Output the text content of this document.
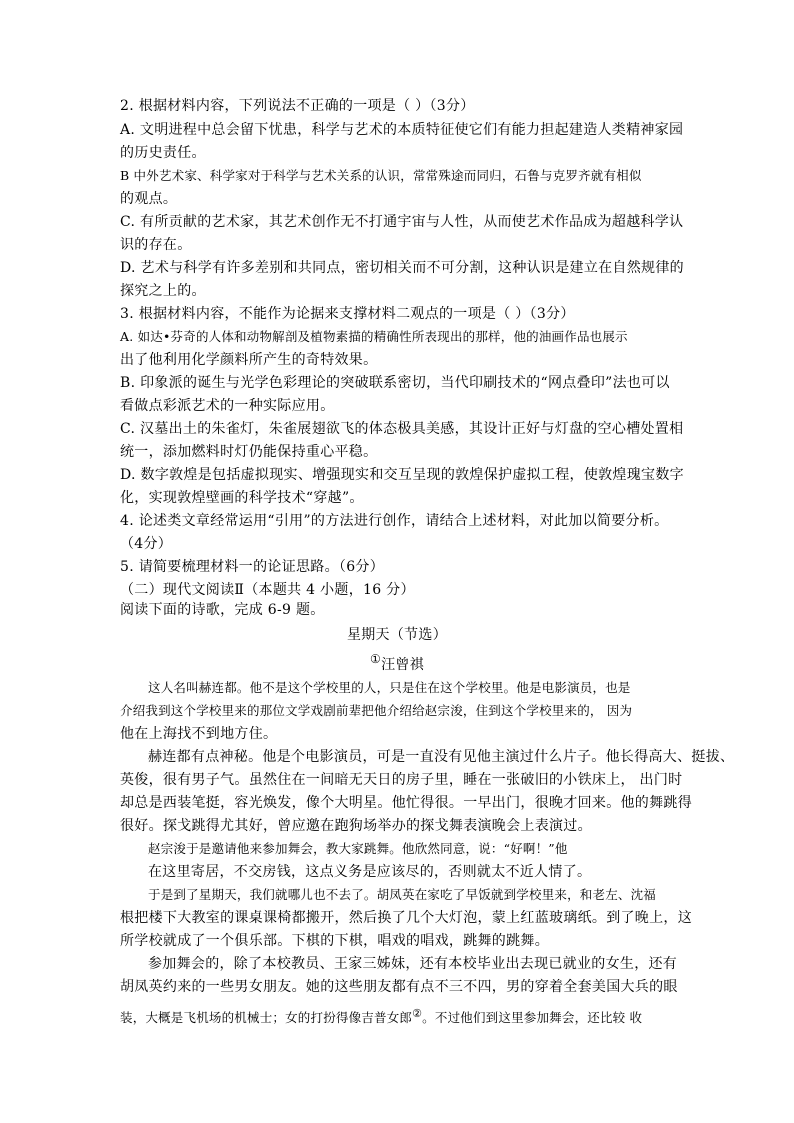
2. 根据材料内容，下列说法不正确的一项是（ ）（3分）
A. 文明进程中总会留下忧患，科学与艺术的本质特征使它们有能力担起建造人类精神家园
的历史责任。
B 中外艺术家、科学家对于科学与艺术关系的认识，常常殊途而同归，石鲁与克罗齐就有相似
的观点。
C. 有所贡献的艺术家，其艺术创作无不打通宇宙与人性，从而使艺术作品成为超越科学认
识的存在。
D. 艺术与科学有许多差别和共同点，密切相关而不可分割，这种认识是建立在自然规律的
探究之上的。
3. 根据材料内容，不能作为论据来支撑材料二观点的一项是（ ）（3分）
A. 如达•芬奇的人体和动物解剖及植物素描的精确性所表现出的那样，他的油画作品也展示
出了他利用化学颜料所产生的奇特效果。
B. 印象派的诞生与光学色彩理论的突破联系密切，当代印刷技术的“网点叠印”法也可以
看做点彩派艺术的一种实际应用。
C. 汉墓出土的朱雀灯，朱雀展翅欲飞的体态极具美感，其设计正好与灯盘的空心槽处置相
统一，添加燃料时灯仍能保持重心平稳。
D. 数字敦煌是包括虚拟现实、增强现实和交互呈现的敦煌保护虚拟工程，使敦煌瑰宝数字
化，实现敦煌壁画的科学技术“穿越”。
4. 论述类文章经常运用“引用”的方法进行创作，请结合上述材料，对此加以简要分析。
（4分）
5. 请简要梳理材料一的论证思路。（6分）
（二）现代文阅读Ⅱ（本题共 4 小题，16 分）
阅读下面的诗歌，完成 6-9 题。
星期天（节选）
①汪曾祺
这人名叫赫连都。他不是这个学校里的人，只是住在这个学校里。他是电影演员，也是
介绍我到这个学校里来的那位文学戏剧前辈把他介绍给赵宗浚，住到这个学校里来的， 因为
他在上海找不到地方住。
赫连都有点神秘。他是个电影演员，可是一直没有见他主演过什么片子。他长得高大、挺拔、
英俊，很有男子气。虽然住在一间暗无天日的房子里，睡在一张破旧的小铁床上， 出门时
却总是西装笔挺，容光焕发，像个大明星。他忙得很。一早出门，很晚才回来。他的舞跳得
很好。探戈跳得尤其好，曾应邀在跑狗场举办的探戈舞表演晚会上表演过。
赵宗浚于是邀请他来参加舞会，教大家跳舞。他欣然同意，说：“好啊！”他
在这里寄居，不交房钱，这点义务是应该尽的，否则就太不近人情了。
于是到了星期天，我们就哪儿也不去了。胡凤英在家吃了早饭就到学校里来，和老左、沈福
根把楼下大教室的课桌课椅都搬开，然后换了几个大灯泡，蒙上红蓝玻璃纸。到了晚上，这
所学校就成了一个俱乐部。下棋的下棋，唱戏的唱戏，跳舞的跳舞。
参加舞会的，除了本校教员、王家三姊妹，还有本校毕业出去现已就业的女生，还有
胡凤英约来的一些男女朋友。她的这些朋友都有点不三不四，男的穿着全套美国大兵的眼
装，大概是飞机场的机械士；女的打扮得像吉普女郎②。不过他们到这里参加舞会，还比较 收
